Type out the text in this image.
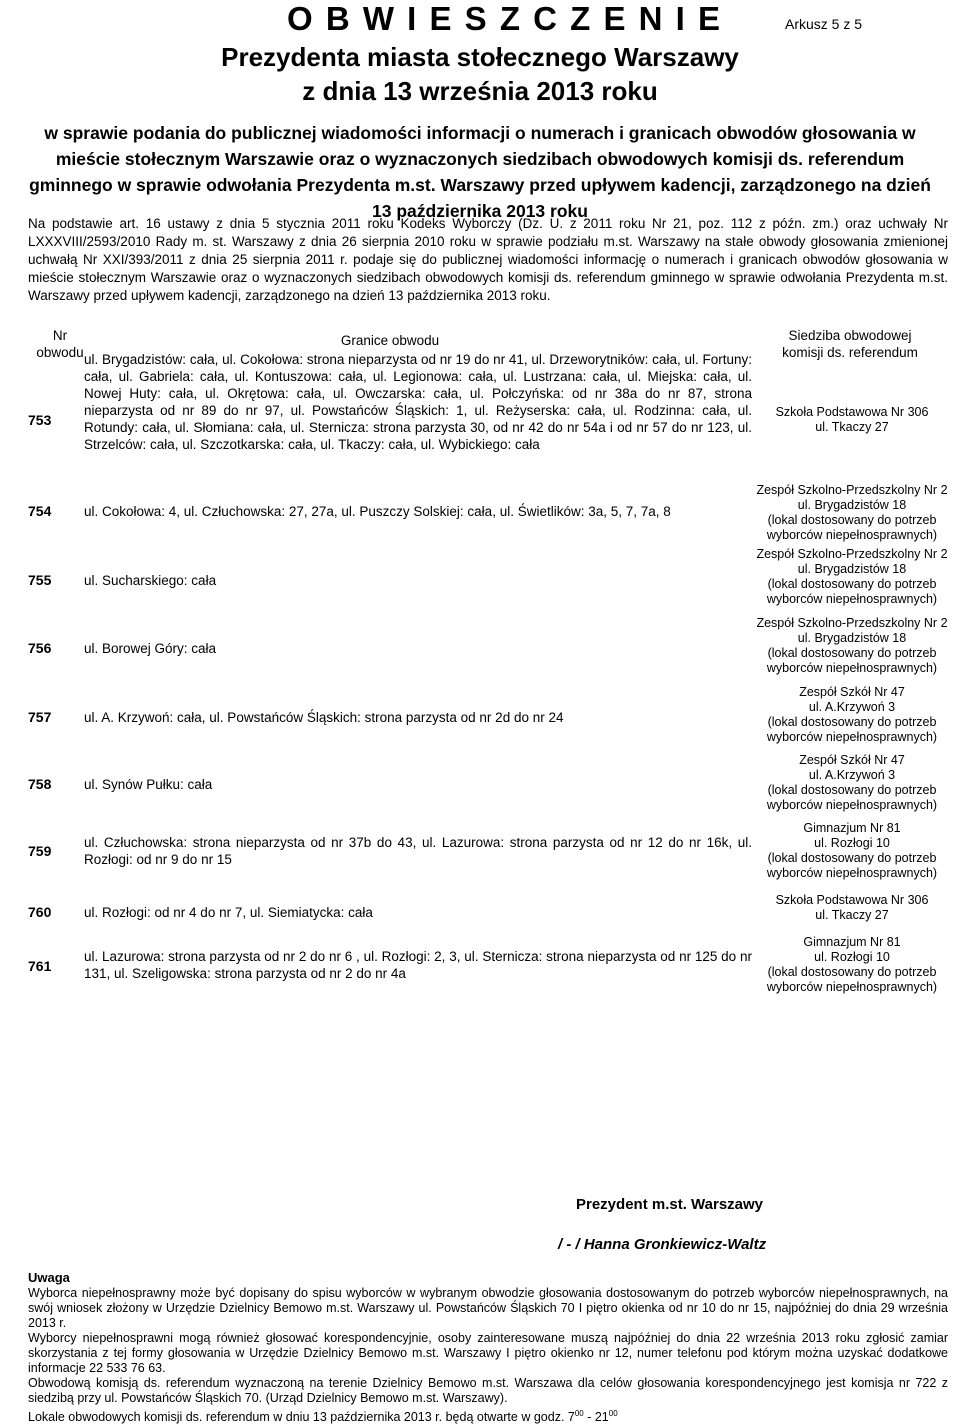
O B W I E S Z C Z E N I E	Arkusz 5 z 5
Prezydenta miasta stołecznego Warszawy
z dnia 13 września 2013 roku
w sprawie podania do publicznej wiadomości informacji o numerach i granicach obwodów głosowania w mieście stołecznym Warszawie oraz o wyznaczonych siedzibach obwodowych komisji ds. referendum gminnego w sprawie odwołania Prezydenta m.st. Warszawy przed upływem kadencji, zarządzonego na dzień 13 października 2013 roku
Na podstawie art. 16 ustawy z dnia 5 stycznia 2011 roku Kodeks Wyborczy (Dz. U. z 2011 roku Nr 21, poz. 112 z późn. zm.) oraz uchwały Nr LXXXVIII/2593/2010 Rady m. st. Warszawy z dnia 26 sierpnia 2010 roku w sprawie podziału m.st. Warszawy na stałe obwody głosowania zmienionej uchwałą Nr XXI/393/2011 z dnia 25 sierpnia 2011 r. podaje się do publicznej wiadomości informację o numerach i granicach obwodów głosowania w mieście stołecznym Warszawie oraz o wyznaczonych siedzibach obwodowych komisji ds. referendum gminnego w sprawie odwołania Prezydenta m.st. Warszawy przed upływem kadencji, zarządzonego na dzień 13 października 2013 roku.
Nr
obwodu
Granice obwodu	Siedziba obwodowej
komisji ds. referendum
753
ul. Brygadzistów: cała, ul. Cokołowa: strona nieparzysta od nr 19 do nr 41, ul. Drzeworytników: cała, ul. Fortuny: cała, ul. Gabriela: cała, ul. Kontuszowa: cała, ul. Legionowa: cała, ul. Lustrzana: cała, ul. Miejska: cała, ul. Nowej Huty: cała, ul. Okrętowa: cała, ul. Owczarska: cała, ul. Połczyńska: od nr 38a do nr 87, strona nieparzysta od nr 89 do nr 97, ul. Powstańców Śląskich: 1, ul. Reżyserska: cała, ul. Rodzinna: cała, ul. Rotundy: cała, ul. Słomiana: cała, ul. Sternicza: strona parzysta 30, od nr 42 do nr 54a i od nr 57 do nr 123, ul. Strzelców: cała, ul. Szczotkarska: cała, ul. Tkaczy: cała, ul. Wybickiego: cała
Szkoła Podstawowa Nr 306
ul. Tkaczy 27
754	ul. Cokołowa: 4, ul. Człuchowska: 27, 27a, ul. Puszczy Solskiej: cała, ul. Świetlików: 3a, 5, 7, 7a, 8
Zespół Szkolno-Przedszkolny Nr 2
ul. Brygadzistów 18
(lokal dostosowany do potrzeb
wyborców niepełnosprawnych)
755	ul. Sucharskiego: cała
Zespół Szkolno-Przedszkolny Nr 2
ul. Brygadzistów 18
(lokal dostosowany do potrzeb
wyborców niepełnosprawnych)
756	ul. Borowej Góry: cała
Zespół Szkolno-Przedszkolny Nr 2
ul. Brygadzistów 18
(lokal dostosowany do potrzeb
wyborców niepełnosprawnych)
757	ul. A. Krzywoń: cała, ul. Powstańców Śląskich: strona parzysta od nr 2d do nr 24
Zespół Szkół Nr 47
ul. A.Krzywoń 3
(lokal dostosowany do potrzeb
wyborców niepełnosprawnych)
758	ul. Synów Pułku: cała
Zespół Szkół Nr 47
ul. A.Krzywoń 3
(lokal dostosowany do potrzeb
wyborców niepełnosprawnych)
759
ul. Człuchowska: strona nieparzysta od nr 37b do 43, ul. Lazurowa: strona parzysta od nr 12 do nr 16k, ul. Rozłogi: od nr 9 do nr 15
Gimnazjum Nr 81
ul. Rozłogi 10
(lokal dostosowany do potrzeb
wyborców niepełnosprawnych)
760	ul. Rozłogi: od nr 4 do nr 7, ul. Siemiatycka: cała
Szkoła Podstawowa Nr 306
ul. Tkaczy 27
761
ul. Lazurowa: strona parzysta od nr 2 do nr 6 , ul. Rozłogi: 2, 3, ul. Sternicza: strona nieparzysta od nr 125 do nr 131, ul. Szeligowska: strona parzysta od nr 2 do nr 4a
Gimnazjum Nr 81
ul. Rozłogi 10
(lokal dostosowany do potrzeb
wyborców niepełnosprawnych)
Prezydent m.st. Warszawy
/ - / Hanna Gronkiewicz-Waltz
Uwaga

Wyborca niepełnosprawny może być dopisany do spisu wyborców w wybranym obwodzie głosowania dostosowanym do potrzeb wyborców niepełnosprawnych, na swój wniosek złożony w Urzędzie Dzielnicy Bemowo m.st. Warszawy ul. Powstańców Śląskich 70 I piętro okienka od nr 10 do nr 15, najpóźniej do dnia 29 września 2013 r.

Wyborcy niepełnosprawni mogą również głosować korespondencyjnie, osoby zainteresowane muszą najpóźniej do dnia 22 września 2013 roku zgłosić zamiar skorzystania z tej formy głosowania w Urzędzie Dzielnicy Bemowo m.st. Warszawy I piętro okienko nr 12, numer telefonu pod którym można uzyskać dodatkowe informacje 22 533 76 63.

Obwodową komisją ds. referendum wyznaczoną na terenie Dzielnicy Bemowo m.st. Warszawa dla celów głosowania korespondencyjnego jest komisja nr 722 z siedzibą przy ul. Powstańców Śląskich 70. (Urząd Dzielnicy Bemowo m.st. Warszawy).

Lokale obwodowych komisji ds. referendum w dniu 13 października 2013 r. będą otwarte w godz. $7^{00} - 21^{00}$
